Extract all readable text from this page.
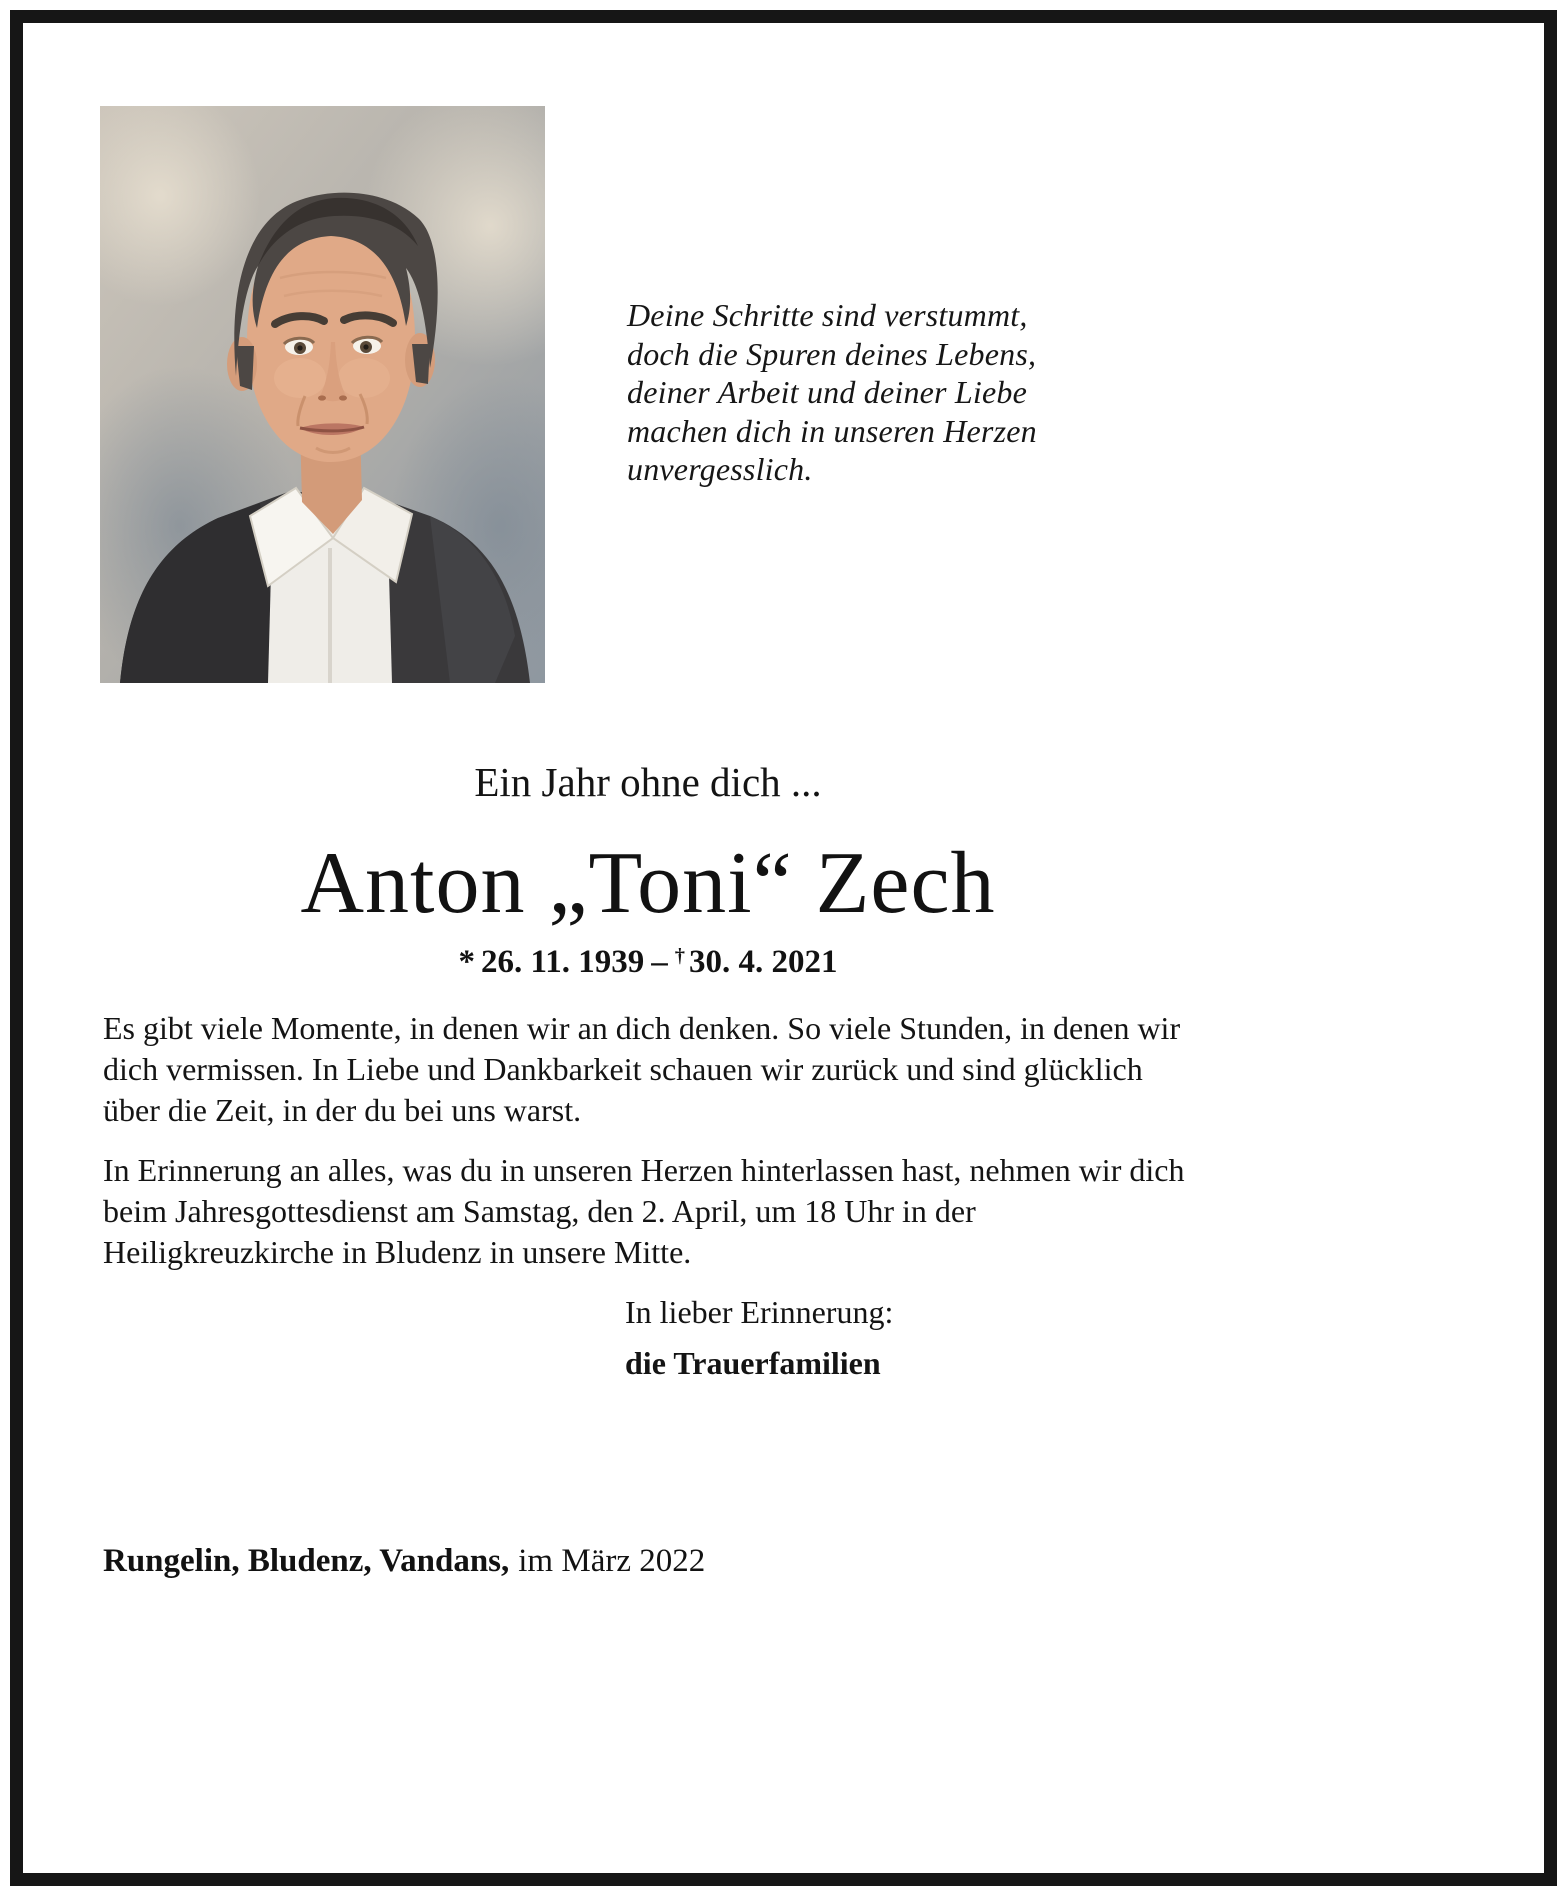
Deine Schritte sind verstummt,
doch die Spuren deines Lebens,
deiner Arbeit und deiner Liebe
machen dich in unseren Herzen
unvergesslich.
Ein Jahr ohne dich ...
Anton „Toni“ Zech
* 26. 11. 1939 – † 30. 4. 2021

Es gibt viele Momente, in denen wir an dich denken. So viele Stunden, in denen wir dich vermissen. In Liebe und Dankbarkeit schauen wir zurück und sind glücklich über die Zeit, in der du bei uns warst.

In Erinnerung an alles, was du in unseren Herzen hinterlassen hast, nehmen wir dich beim Jahresgottesdienst am Samstag, den 2. April, um 18 Uhr in der Heiligkreuzkirche in Bludenz in unsere Mitte.

In lieber Erinnerung:
die Trauerfamilien
Rungelin, Bludenz, Vandans, im März 2022
